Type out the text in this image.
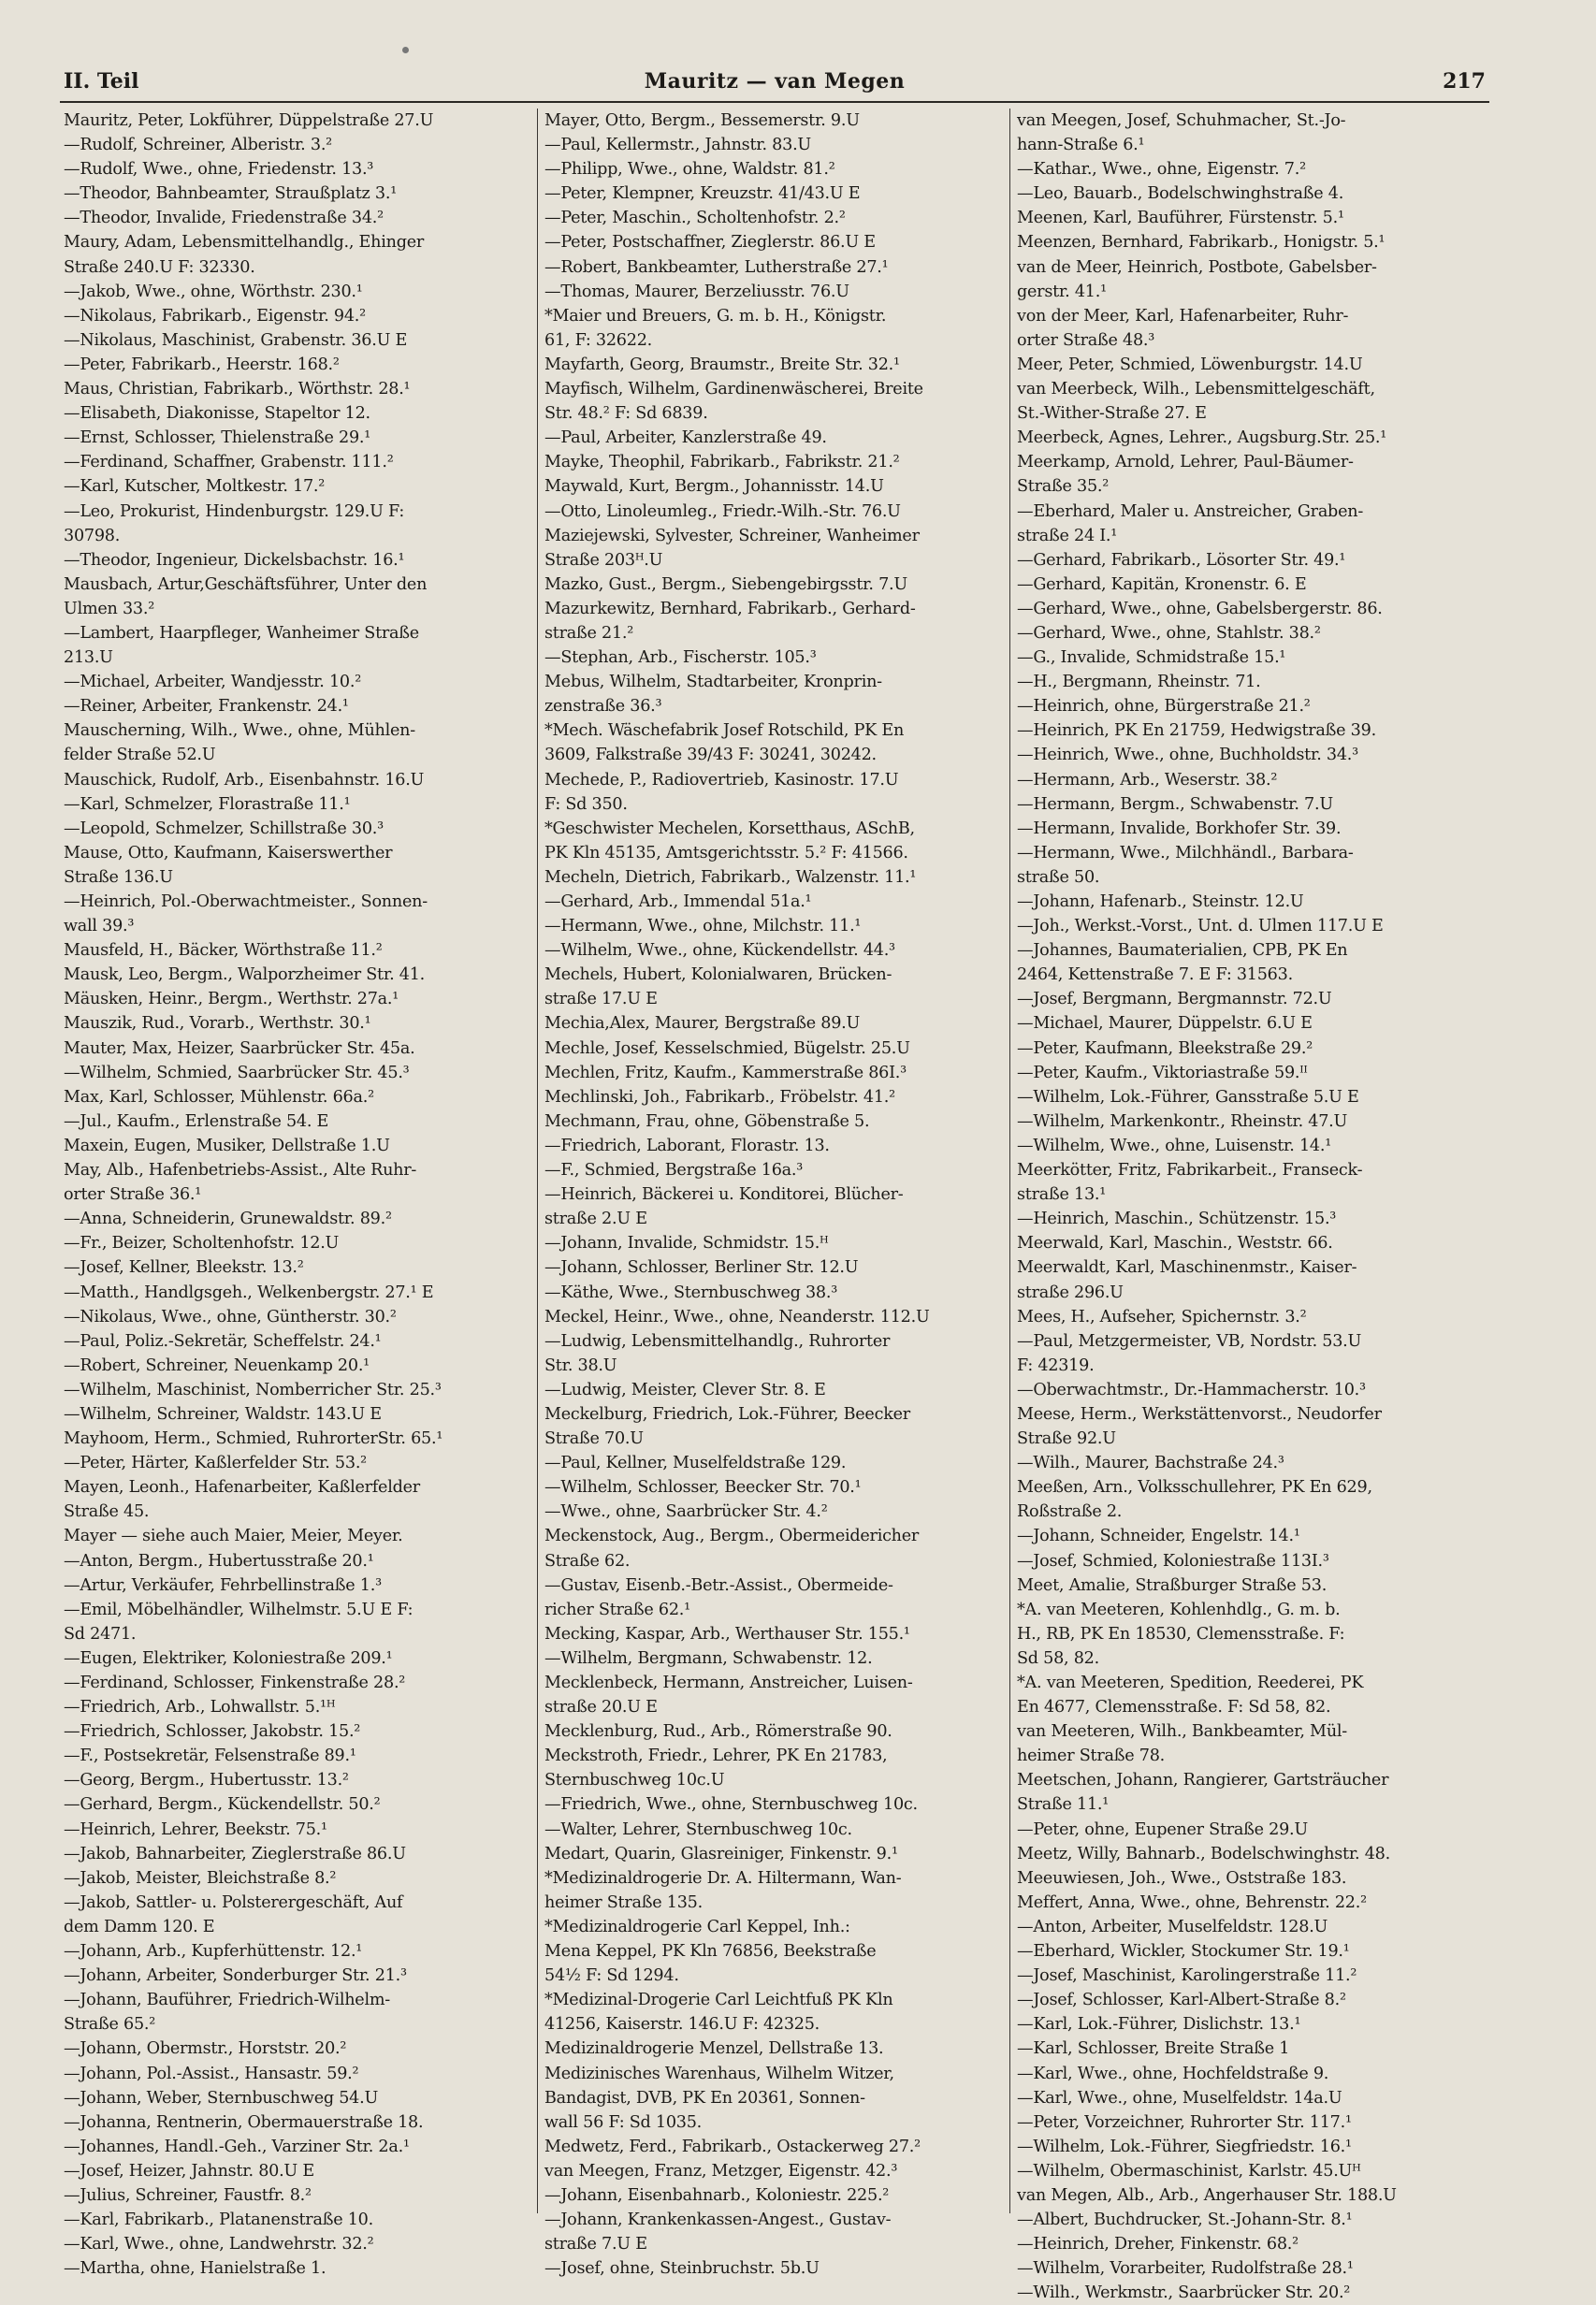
II. Teil	Mauritz — van Megen	217
Mauritz, Peter, Lokführer, Düppelstraße 27.U
—Rudolf, Schreiner, Alberistr. 3.²
—Rudolf, Wwe., ohne, Friedenstr. 13.³
—Theodor, Bahnbeamter, Straußplatz 3.¹
—Theodor, Invalide, Friedenstraße 34.²
Maury, Adam, Lebensmittelhandlg., Ehinger
Straße 240.U F: 32330.
—Jakob, Wwe., ohne, Wörthstr. 230.¹
—Nikolaus, Fabrikarb., Eigenstr. 94.²
—Nikolaus, Maschinist, Grabenstr. 36.U E
—Peter, Fabrikarb., Heerstr. 168.²
Maus, Christian, Fabrikarb., Wörthstr. 28.¹
—Elisabeth, Diakonisse, Stapeltor 12.
—Ernst, Schlosser, Thielenstraße 29.¹
—Ferdinand, Schaffner, Grabenstr. 111.²
—Karl, Kutscher, Moltkestr. 17.²
—Leo, Prokurist, Hindenburgstr. 129.U F:
30798.
—Theodor, Ingenieur, Dickelsbachstr. 16.¹
Mausbach, Artur,Geschäftsführer, Unter den
Ulmen 33.²
—Lambert, Haarpfleger, Wanheimer Straße
213.U
—Michael, Arbeiter, Wandjesstr. 10.²
—Reiner, Arbeiter, Frankenstr. 24.¹
Mauscherning, Wilh., Wwe., ohne, Mühlen-
felder Straße 52.U
Mauschick, Rudolf, Arb., Eisenbahnstr. 16.U
—Karl, Schmelzer, Florastraße 11.¹
—Leopold, Schmelzer, Schillstraße 30.³
Mause, Otto, Kaufmann, Kaiserswerther
Straße 136.U
—Heinrich, Pol.-Oberwachtmeister., Sonnen-
wall 39.³
Mausfeld, H., Bäcker, Wörthstraße 11.²
Mausk, Leo, Bergm., Walporzheimer Str. 41.
Mäusken, Heinr., Bergm., Werthstr. 27a.¹
Mauszik, Rud., Vorarb., Werthstr. 30.¹
Mauter, Max, Heizer, Saarbrücker Str. 45a.
—Wilhelm, Schmied, Saarbrücker Str. 45.³
Max, Karl, Schlosser, Mühlenstr. 66a.²
—Jul., Kaufm., Erlenstraße 54. E
Maxein, Eugen, Musiker, Dellstraße 1.U
May, Alb., Hafenbetriebs-Assist., Alte Ruhr-
orter Straße 36.¹
—Anna, Schneiderin, Grunewaldstr. 89.²
—Fr., Beizer, Scholtenhofstr. 12.U
—Josef, Kellner, Bleekstr. 13.²
—Matth., Handlgsgeh., Welkenbergstr. 27.¹ E
—Nikolaus, Wwe., ohne, Güntherstr. 30.²
—Paul, Poliz.-Sekretär, Scheffelstr. 24.¹
—Robert, Schreiner, Neuenkamp 20.¹
—Wilhelm, Maschinist, Nomberricher Str. 25.³
—Wilhelm, Schreiner, Waldstr. 143.U E
Mayhoom, Herm., Schmied, RuhrorterStr. 65.¹
—Peter, Härter, Kaßlerfelder Str. 53.²
Mayen, Leonh., Hafenarbeiter, Kaßlerfelder
Straße 45.
Mayer — siehe auch Maier, Meier, Meyer.
—Anton, Bergm., Hubertusstraße 20.¹
—Artur, Verkäufer, Fehrbellinstraße 1.³
—Emil, Möbelhändler, Wilhelmstr. 5.U E F:
Sd 2471.
—Eugen, Elektriker, Koloniestraße 209.¹
—Ferdinand, Schlosser, Finkenstraße 28.²
—Friedrich, Arb., Lohwallstr. 5.¹ᴴ
—Friedrich, Schlosser, Jakobstr. 15.²
—F., Postsekretär, Felsenstraße 89.¹
—Georg, Bergm., Hubertusstr. 13.²
—Gerhard, Bergm., Kückendellstr. 50.²
—Heinrich, Lehrer, Beekstr. 75.¹
—Jakob, Bahnarbeiter, Zieglerstraße 86.U
—Jakob, Meister, Bleichstraße 8.²
—Jakob, Sattler- u. Polsterergeschäft, Auf
dem Damm 120. E
—Johann, Arb., Kupferhüttenstr. 12.¹
—Johann, Arbeiter, Sonderburger Str. 21.³
—Johann, Bauführer, Friedrich-Wilhelm-
Straße 65.²
—Johann, Obermstr., Horststr. 20.²
—Johann, Pol.-Assist., Hansastr. 59.²
—Johann, Weber, Sternbuschweg 54.U
—Johanna, Rentnerin, Obermauerstraße 18.
—Johannes, Handl.-Geh., Varziner Str. 2a.¹
—Josef, Heizer, Jahnstr. 80.U E
—Julius, Schreiner, Faustfr. 8.²
—Karl, Fabrikarb., Platanenstraße 10.
—Karl, Wwe., ohne, Landwehrstr. 32.²
—Martha, ohne, Hanielstraße 1.
Mayer, Otto, Bergm., Bessemerstr. 9.U
—Paul, Kellermstr., Jahnstr. 83.U
—Philipp, Wwe., ohne, Waldstr. 81.²
—Peter, Klempner, Kreuzstr. 41/43.U E
—Peter, Maschin., Scholtenhofstr. 2.²
—Peter, Postschaffner, Zieglerstr. 86.U E
—Robert, Bankbeamter, Lutherstraße 27.¹
—Thomas, Maurer, Berzeliusstr. 76.U
*Maier und Breuers, G. m. b. H., Königstr.
61, F: 32622.
Mayfarth, Georg, Braumstr., Breite Str. 32.¹
Mayfisch, Wilhelm, Gardinenwäscherei, Breite
Str. 48.² F: Sd 6839.
—Paul, Arbeiter, Kanzlerstraße 49.
Mayke, Theophil, Fabrikarb., Fabrikstr. 21.²
Maywald, Kurt, Bergm., Johannisstr. 14.U
—Otto, Linoleumleg., Friedr.-Wilh.-Str. 76.U
Maziejewski, Sylvester, Schreiner, Wanheimer
Straße 203ᴴ.U
Mazko, Gust., Bergm., Siebengebirgsstr. 7.U
Mazurkewitz, Bernhard, Fabrikarb., Gerhard-
straße 21.²
—Stephan, Arb., Fischerstr. 105.³
Mebus, Wilhelm, Stadtarbeiter, Kronprin-
zenstraße 36.³
*Mech. Wäschefabrik Josef Rotschild, PK En
3609, Falkstraße 39/43 F: 30241, 30242.
Mechede, P., Radiovertrieb, Kasinostr. 17.U
F: Sd 350.
*Geschwister Mechelen, Korsetthaus, ASchB,
PK Kln 45135, Amtsgerichtsstr. 5.² F: 41566.
Mecheln, Dietrich, Fabrikarb., Walzenstr. 11.¹
—Gerhard, Arb., Immendal 51a.¹
—Hermann, Wwe., ohne, Milchstr. 11.¹
—Wilhelm, Wwe., ohne, Kückendellstr. 44.³
Mechels, Hubert, Kolonialwaren, Brücken-
straße 17.U E
Mechia,Alex, Maurer, Bergstraße 89.U
Mechle, Josef, Kesselschmied, Bügelstr. 25.U
Mechlen, Fritz, Kaufm., Kammerstraße 86I.³
Mechlinski, Joh., Fabrikarb., Fröbelstr. 41.²
Mechmann, Frau, ohne, Göbenstraße 5.
—Friedrich, Laborant, Florastr. 13.
—F., Schmied, Bergstraße 16a.³
—Heinrich, Bäckerei u. Konditorei, Blücher-
straße 2.U E
—Johann, Invalide, Schmidstr. 15.ᴴ
—Johann, Schlosser, Berliner Str. 12.U
—Käthe, Wwe., Sternbuschweg 38.³
Meckel, Heinr., Wwe., ohne, Neanderstr. 112.U
—Ludwig, Lebensmittelhandlg., Ruhrorter
Str. 38.U
—Ludwig, Meister, Clever Str. 8. E
Meckelburg, Friedrich, Lok.-Führer, Beecker
Straße 70.U
—Paul, Kellner, Muselfeldstraße 129.
—Wilhelm, Schlosser, Beecker Str. 70.¹
—Wwe., ohne, Saarbrücker Str. 4.²
Meckenstock, Aug., Bergm., Obermeidericher
Straße 62.
—Gustav, Eisenb.-Betr.-Assist., Obermeide-
richer Straße 62.¹
Mecking, Kaspar, Arb., Werthauser Str. 155.¹
—Wilhelm, Bergmann, Schwabenstr. 12.
Mecklenbeck, Hermann, Anstreicher, Luisen-
straße 20.U E
Mecklenburg, Rud., Arb., Römerstraße 90.
Meckstroth, Friedr., Lehrer, PK En 21783,
Sternbuschweg 10c.U
—Friedrich, Wwe., ohne, Sternbuschweg 10c.
—Walter, Lehrer, Sternbuschweg 10c.
Medart, Quarin, Glasreiniger, Finkenstr. 9.¹
*Medizinaldrogerie Dr. A. Hiltermann, Wan-
heimer Straße 135.
*Medizinaldrogerie Carl Keppel, Inh.:
Mena Keppel, PK Kln 76856, Beekstraße
54½ F: Sd 1294.
*Medizinal-Drogerie Carl Leichtfuß PK Kln
41256, Kaiserstr. 146.U F: 42325.
Medizinaldrogerie Menzel, Dellstraße 13.
Medizinisches Warenhaus, Wilhelm Witzer,
Bandagist, DVB, PK En 20361, Sonnen-
wall 56 F: Sd 1035.
Medwetz, Ferd., Fabrikarb., Ostackerweg 27.²
van Meegen, Franz, Metzger, Eigenstr. 42.³
—Johann, Eisenbahnarb., Koloniestr. 225.²
—Johann, Krankenkassen-Angest., Gustav-
straße 7.U E
—Josef, ohne, Steinbruchstr. 5b.U
van Meegen, Josef, Schuhmacher, St.-Jo-
hann-Straße 6.¹
—Kathar., Wwe., ohne, Eigenstr. 7.²
—Leo, Bauarb., Bodelschwinghstraße 4.
Meenen, Karl, Bauführer, Fürstenstr. 5.¹
Meenzen, Bernhard, Fabrikarb., Honigstr. 5.¹
van de Meer, Heinrich, Postbote, Gabelsber-
gerstr. 41.¹
von der Meer, Karl, Hafenarbeiter, Ruhr-
orter Straße 48.³
Meer, Peter, Schmied, Löwenburgstr. 14.U
van Meerbeck, Wilh., Lebensmittelgeschäft,
St.-Wither-Straße 27. E
Meerbeck, Agnes, Lehrer., Augsburg.Str. 25.¹
Meerkamp, Arnold, Lehrer, Paul-Bäumer-
Straße 35.²
—Eberhard, Maler u. Anstreicher, Graben-
straße 24 I.¹
—Gerhard, Fabrikarb., Lösorter Str. 49.¹
—Gerhard, Kapitän, Kronenstr. 6. E
—Gerhard, Wwe., ohne, Gabelsbergerstr. 86.
—Gerhard, Wwe., ohne, Stahlstr. 38.²
—G., Invalide, Schmidstraße 15.¹
—H., Bergmann, Rheinstr. 71.
—Heinrich, ohne, Bürgerstraße 21.²
—Heinrich, PK En 21759, Hedwigstraße 39.
—Heinrich, Wwe., ohne, Buchholdstr. 34.³
—Hermann, Arb., Weserstr. 38.²
—Hermann, Bergm., Schwabenstr. 7.U
—Hermann, Invalide, Borkhofer Str. 39.
—Hermann, Wwe., Milchhändl., Barbara-
straße 50.
—Johann, Hafenarb., Steinstr. 12.U
—Joh., Werkst.-Vorst., Unt. d. Ulmen 117.U E
—Johannes, Baumaterialien, CPB, PK En
2464, Kettenstraße 7. E F: 31563.
—Josef, Bergmann, Bergmannstr. 72.U
—Michael, Maurer, Düppelstr. 6.U E
—Peter, Kaufmann, Bleekstraße 29.²
—Peter, Kaufm., Viktoriastraße 59.ᴵᴵ
—Wilhelm, Lok.-Führer, Gansstraße 5.U E
—Wilhelm, Markenkontr., Rheinstr. 47.U
—Wilhelm, Wwe., ohne, Luisenstr. 14.¹
Meerkötter, Fritz, Fabrikarbeit., Franseck-
straße 13.¹
—Heinrich, Maschin., Schützenstr. 15.³
Meerwald, Karl, Maschin., Weststr. 66.
Meerwaldt, Karl, Maschinenmstr., Kaiser-
straße 296.U
Mees, H., Aufseher, Spichernstr. 3.²
—Paul, Metzgermeister, VB, Nordstr. 53.U
F: 42319.
—Oberwachtmstr., Dr.-Hammacherstr. 10.³
Meese, Herm., Werkstättenvorst., Neudorfer
Straße 92.U
—Wilh., Maurer, Bachstraße 24.³
Meeßen, Arn., Volksschullehrer, PK En 629,
Roßstraße 2.
—Johann, Schneider, Engelstr. 14.¹
—Josef, Schmied, Koloniestraße 113I.³
Meet, Amalie, Straßburger Straße 53.
*A. van Meeteren, Kohlenhdlg., G. m. b.
H., RB, PK En 18530, Clemensstraße. F:
Sd 58, 82.
*A. van Meeteren, Spedition, Reederei, PK
En 4677, Clemensstraße. F: Sd 58, 82.
van Meeteren, Wilh., Bankbeamter, Mül-
heimer Straße 78.
Meetschen, Johann, Rangierer, Gartsträucher
Straße 11.¹
—Peter, ohne, Eupener Straße 29.U
Meetz, Willy, Bahnarb., Bodelschwinghstr. 48.
Meeuwiesen, Joh., Wwe., Oststraße 183.
Meffert, Anna, Wwe., ohne, Behrenstr. 22.²
—Anton, Arbeiter, Muselfeldstr. 128.U
—Eberhard, Wickler, Stockumer Str. 19.¹
—Josef, Maschinist, Karolingerstraße 11.²
—Josef, Schlosser, Karl-Albert-Straße 8.²
—Karl, Lok.-Führer, Dislichstr. 13.¹
—Karl, Schlosser, Breite Straße 1
—Karl, Wwe., ohne, Hochfeldstraße 9.
—Karl, Wwe., ohne, Muselfeldstr. 14a.U
—Peter, Vorzeichner, Ruhrorter Str. 117.¹
—Wilhelm, Lok.-Führer, Siegfriedstr. 16.¹
—Wilhelm, Obermaschinist, Karlstr. 45.Uᴴ
van Megen, Alb., Arb., Angerhauser Str. 188.U
—Albert, Buchdrucker, St.-Johann-Str. 8.¹
—Heinrich, Dreher, Finkenstr. 68.²
—Wilhelm, Vorarbeiter, Rudolfstraße 28.¹
—Wilh., Werkmstr., Saarbrücker Str. 20.²
